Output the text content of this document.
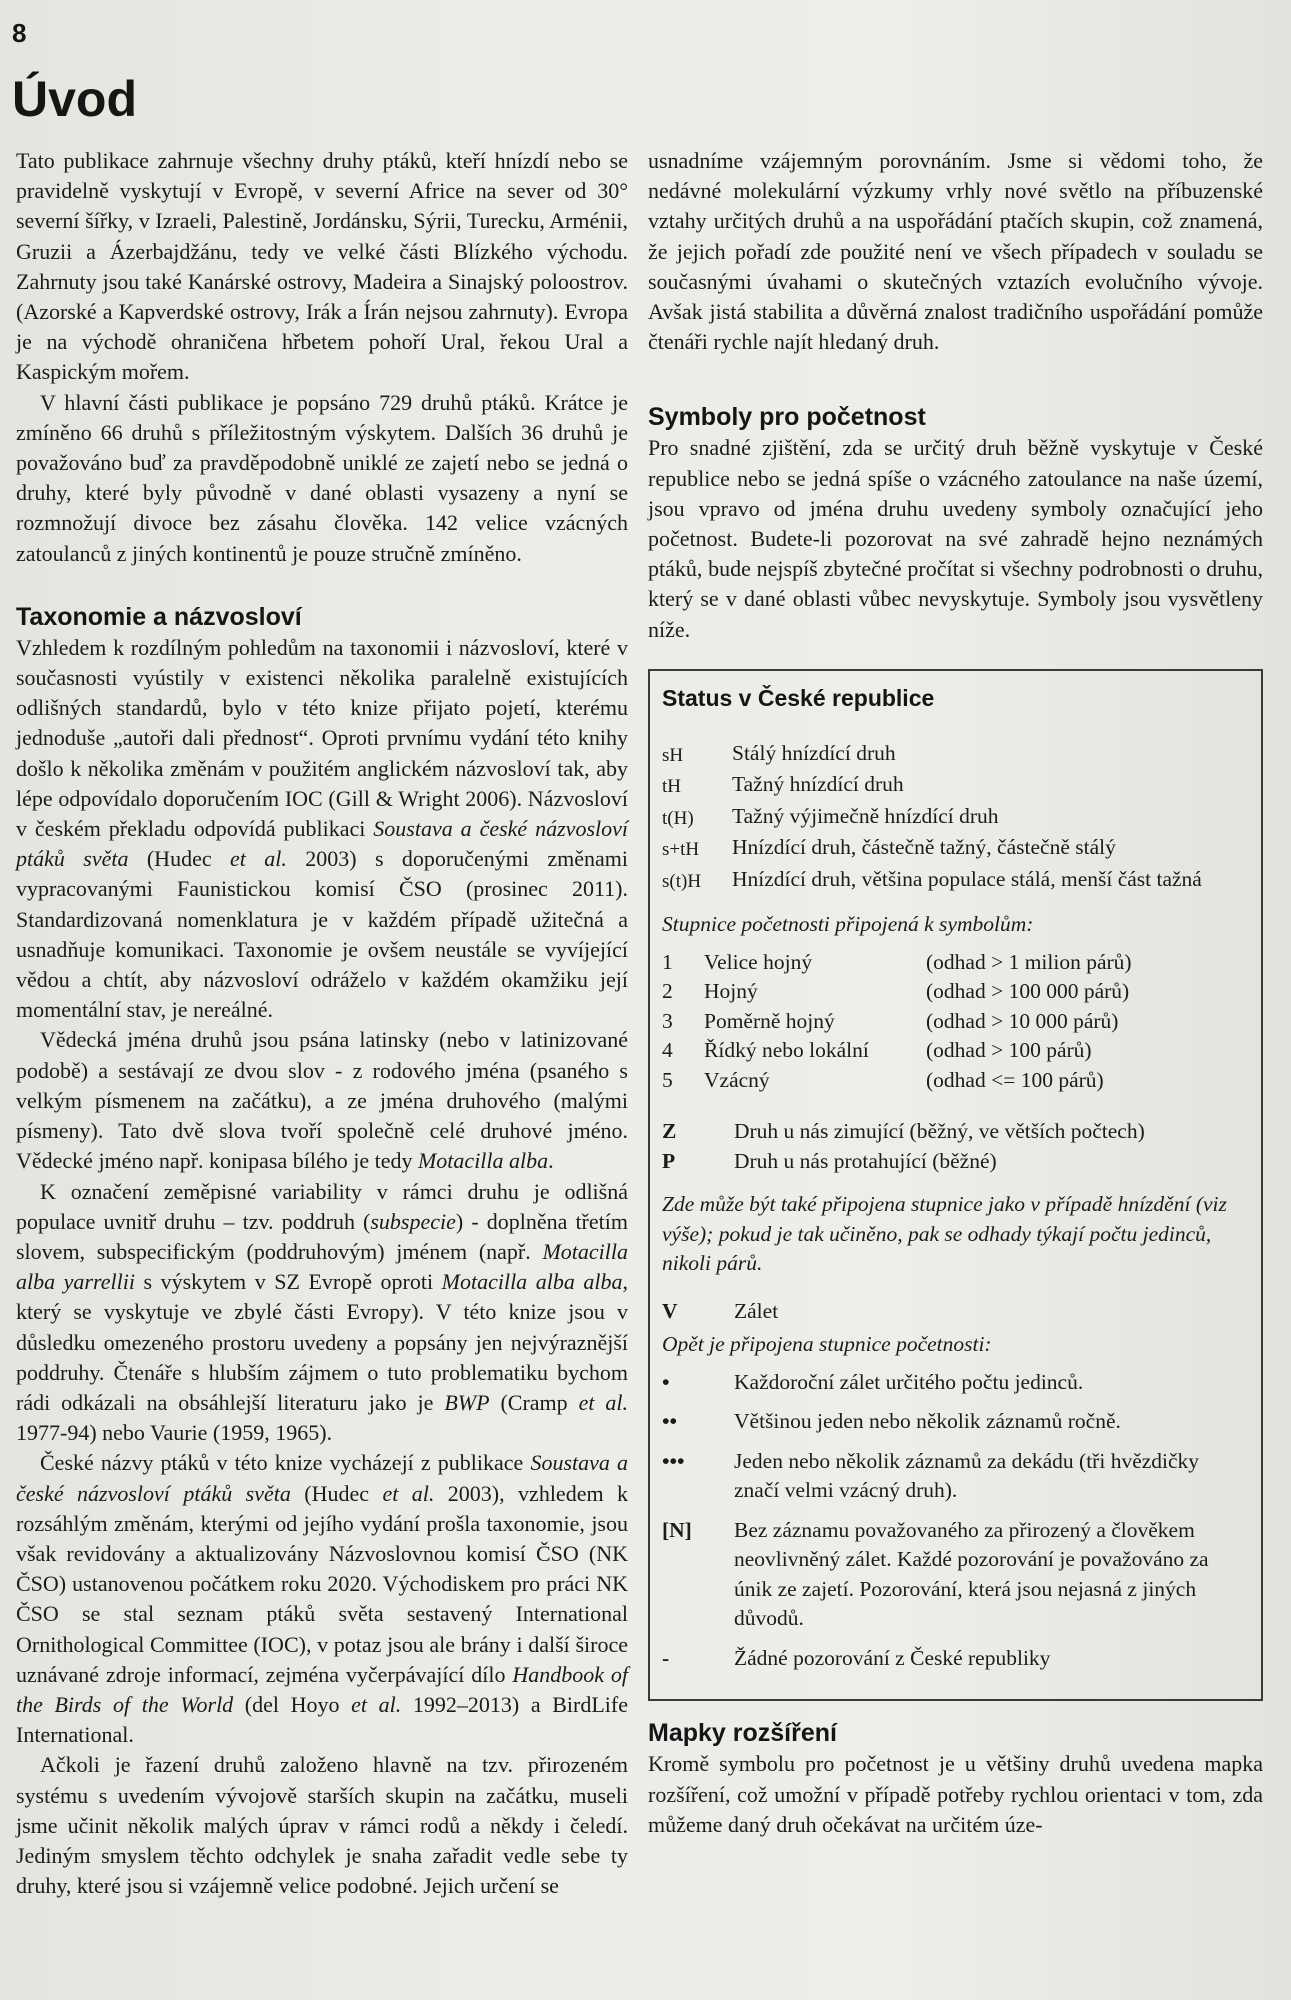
8
Úvod

Tato publikace zahrnuje všechny druhy ptáků, kteří hnízdí nebo se pravidelně vyskytují v Evropě, v severní Africe na sever od 30° severní šířky, v Izraeli, Palestině, Jordánsku, Sýrii, Turecku, Arménii, Gruzii a Ázerbajdžánu, tedy ve velké části Blízkého východu. Zahrnuty jsou také Kanárské ostrovy, Madeira a Sinajský poloostrov. (Azorské a Kapverdské ostrovy, Irák a Írán nejsou zahrnuty). Evropa je na východě ohraničena hřbetem pohoří Ural, řekou Ural a Kaspickým mořem.

V hlavní části publikace je popsáno 729 druhů ptáků. Krátce je zmíněno 66 druhů s příležitostným výskytem. Dalších 36 druhů je považováno buď za pravděpodobně uniklé ze zajetí nebo se jedná o druhy, které byly původně v dané oblasti vysazeny a nyní se rozmnožují divoce bez zásahu člověka. 142 velice vzácných zatoulanců z jiných kontinentů je pouze stručně zmíněno.

Taxonomie a názvosloví

Vzhledem k rozdílným pohledům na taxonomii i názvosloví, které v současnosti vyústily v existenci několika paralelně existujících odlišných standardů, bylo v této knize přijato pojetí, kterému jednoduše „autoři dali přednost“. Oproti prvnímu vydání této knihy došlo k několika změnám v použitém anglickém názvosloví tak, aby lépe odpovídalo doporučením IOC (Gill & Wright 2006). Názvosloví v českém překladu odpovídá publikaci Soustava a české názvosloví ptáků světa (Hudec et al. 2003) s doporučenými změnami vypracovanými Faunistickou komisí ČSO (prosinec 2011). Standardizovaná nomenklatura je v každém případě užitečná a usnadňuje komunikaci. Taxonomie je ovšem neustále se vyvíjející vědou a chtít, aby názvosloví odráželo v každém okamžiku její momentální stav, je nereálné.

Vědecká jména druhů jsou psána latinsky (nebo v latinizované podobě) a sestávají ze dvou slov - z rodového jména (psaného s velkým písmenem na začátku), a ze jména druhového (malými písmeny). Tato dvě slova tvoří společně celé druhové jméno. Vědecké jméno např. konipasa bílého je tedy Motacilla alba.

K označení zeměpisné variability v rámci druhu je odlišná populace uvnitř druhu – tzv. poddruh (subspecie) - doplněna třetím slovem, subspecifickým (poddruhovým) jménem (např. Motacilla alba yarrellii s výskytem v SZ Evropě oproti Motacilla alba alba, který se vyskytuje ve zbylé části Evropy). V této knize jsou v důsledku omezeného prostoru uvedeny a popsány jen nejvýraznější poddruhy. Čtenáře s hlubším zájmem o tuto problematiku bychom rádi odkázali na obsáhlejší literaturu jako je BWP (Cramp et al. 1977-94) nebo Vaurie (1959, 1965).

České názvy ptáků v této knize vycházejí z publikace Soustava a české názvosloví ptáků světa (Hudec et al. 2003), vzhledem k rozsáhlým změnám, kterými od jejího vydání prošla taxonomie, jsou však revidovány a aktualizovány Názvoslovnou komisí ČSO (NK ČSO) ustanovenou počátkem roku 2020. Východiskem pro práci NK ČSO se stal seznam ptáků světa sestavený International Ornithological Committee (IOC), v potaz jsou ale brány i další široce uznávané zdroje informací, zejména vyčerpávající dílo Handbook of the Birds of the World (del Hoyo et al. 1992–2013) a BirdLife International.

Ačkoli je řazení druhů založeno hlavně na tzv. přirozeném systému s uvedením vývojově starších skupin na začátku, museli jsme učinit několik malých úprav v rámci rodů a někdy i čeledí. Jediným smyslem těchto odchylek je snaha zařadit vedle sebe ty druhy, které jsou si vzájemně velice podobné. Jejich určení se

usnadníme vzájemným porovnáním. Jsme si vědomi toho, že nedávné molekulární výzkumy vrhly nové světlo na příbuzenské vztahy určitých druhů a na uspořádání ptačích skupin, což znamená, že jejich pořadí zde použité není ve všech případech v souladu se současnými úvahami o skutečných vztazích evolučního vývoje. Avšak jistá stabilita a důvěrná znalost tradičního uspořádání pomůže čtenáři rychle najít hledaný druh.

Symboly pro početnost

Pro snadné zjištění, zda se určitý druh běžně vyskytuje v České republice nebo se jedná spíše o vzácného zatoulance na naše území, jsou vpravo od jména druhu uvedeny symboly označující jeho početnost. Budete-li pozorovat na své zahradě hejno neznámých ptáků, bude nejspíš zbytečné pročítat si všechny podrobnosti o druhu, který se v dané oblasti vůbec nevyskytuje. Symboly jsou vysvětleny níže.

Status v České republice
sH	Stálý hnízdící druh
tH	Tažný hnízdící druh
t(H)	Tažný výjimečně hnízdící druh
s+tH	Hnízdící druh, částečně tažný, částečně stálý
s(t)H	Hnízdící druh, většina populace stálá, menší část tažná
Stupnice početnosti připojená k symbolům:
1	Velice hojný	(odhad > 1 milion párů)
2	Hojný	(odhad > 100 000 párů)
3	Poměrně hojný	(odhad > 10 000 párů)
4	Řídký nebo lokální	(odhad > 100 párů)
5	Vzácný	(odhad <= 100 párů)
Z	Druh u nás zimující (běžný, ve větších počtech)
P	Druh u nás protahující (běžné)
Zde může být také připojena stupnice jako v případě hnízdění (viz výše); pokud je tak učiněno, pak se odhady týkají počtu jedinců, nikoli párů.
V	Zálet
Opět je připojena stupnice početnosti:
•	Každoroční zálet určitého počtu jedinců.
••	Většinou jeden nebo několik záznamů ročně.
•••	Jeden nebo několik záznamů za dekádu (tři hvězdičky značí velmi vzácný druh).
[N]	Bez záznamu považovaného za přirozený a člověkem neovlivněný zálet. Každé pozorování je považováno za únik ze zajetí. Pozorování, která jsou nejasná z jiných důvodů.
-	Žádné pozorování z České republiky
Mapky rozšíření

Kromě symbolu pro početnost je u většiny druhů uvedena mapka rozšíření, což umožní v případě potřeby rychlou orientaci v tom, zda můžeme daný druh očekávat na určitém úze-
